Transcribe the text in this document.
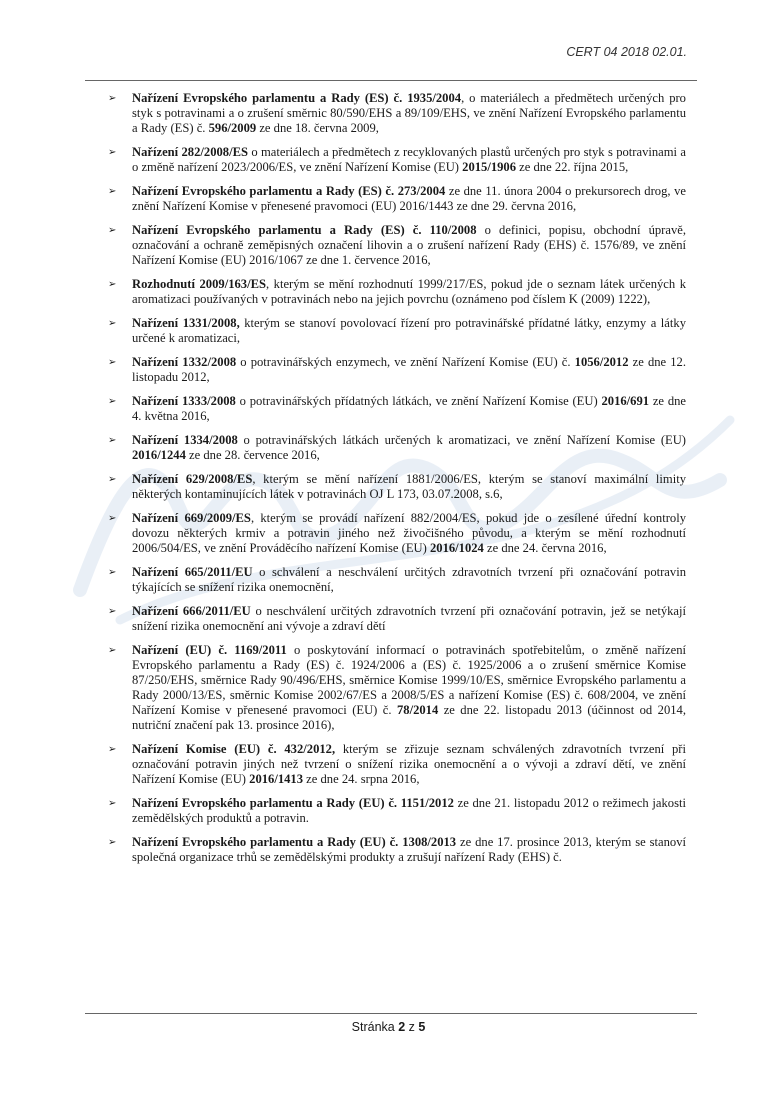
CERT 04 2018 02.01.
➢ Nařízení Evropského parlamentu a Rady (ES) č. 1935/2004, o materiálech a předmětech určených pro styk s potravinami a o zrušení směrnic 80/590/EHS a 89/109/EHS, ve znění Nařízení Evropského parlamentu a Rady (ES) č. 596/2009 ze dne 18. června 2009,
➢ Nařízení 282/2008/ES o materiálech a předmětech z recyklovaných plastů určených pro styk s potravinami a o změně nařízení 2023/2006/ES, ve znění Nařízení Komise (EU) 2015/1906 ze dne 22. října 2015,
➢ Nařízení Evropského parlamentu a Rady (ES) č. 273/2004 ze dne 11. února 2004 o prekursorech drog, ve znění Nařízení Komise v přenesené pravomoci (EU) 2016/1443 ze dne 29. června 2016,
➢ Nařízení Evropského parlamentu a Rady (ES) č. 110/2008 o definici, popisu, obchodní úpravě, označování a ochraně zeměpisných označení lihovin a o zrušení nařízení Rady (EHS) č. 1576/89, ve znění Nařízení Komise (EU) 2016/1067 ze dne 1. července 2016,
➢ Rozhodnutí 2009/163/ES, kterým se mění rozhodnutí 1999/217/ES, pokud jde o seznam látek určených k aromatizaci používaných v potravinách nebo na jejich povrchu (oznámeno pod číslem K (2009) 1222),
➢ Nařízení 1331/2008, kterým se stanoví povolovací řízení pro potravinářské přídatné látky, enzymy a látky určené k aromatizaci,
➢ Nařízení 1332/2008 o potravinářských enzymech, ve znění Nařízení Komise (EU) č. 1056/2012 ze dne 12. listopadu 2012,
➢ Nařízení 1333/2008 o potravinářských přídatných látkách, ve znění Nařízení Komise (EU) 2016/691 ze dne 4. května 2016,
➢ Nařízení 1334/2008 o potravinářských látkách určených k aromatizaci, ve znění Nařízení Komise (EU) 2016/1244 ze dne 28. července 2016,
➢ Nařízení 629/2008/ES, kterým se mění nařízení 1881/2006/ES, kterým se stanoví maximální limity některých kontaminujících látek v potravinách OJ L 173, 03.07.2008, s.6,
➢ Nařízení 669/2009/ES, kterým se provádí nařízení 882/2004/ES, pokud jde o zesílené úřední kontroly dovozu některých krmiv a potravin jiného než živočišného původu, a kterým se mění rozhodnutí 2006/504/ES, ve znění Prováděcího nařízení Komise (EU) 2016/1024 ze dne 24. června 2016,
➢ Nařízení 665/2011/EU o schválení a neschválení určitých zdravotních tvrzení při označování potravin týkajících se snížení rizika onemocnění,
➢ Nařízení 666/2011/EU o neschválení určitých zdravotních tvrzení při označování potravin, jež se netýkají snížení rizika onemocnění ani vývoje a zdraví dětí
➢ Nařízení (EU) č. 1169/2011 o poskytování informací o potravinách spotřebitelům, o změně nařízení Evropského parlamentu a Rady (ES) č. 1924/2006 a (ES) č. 1925/2006 a o zrušení směrnice Komise 87/250/EHS, směrnice Rady 90/496/EHS, směrnice Komise 1999/10/ES, směrnice Evropského parlamentu a Rady 2000/13/ES, směrnic Komise 2002/67/ES a 2008/5/ES a nařízení Komise (ES) č. 608/2004, ve znění Nařízení Komise v přenesené pravomoci (EU) č. 78/2014 ze dne 22. listopadu 2013 (účinnost od 2014, nutriční značení pak 13. prosince 2016),
➢ Nařízení Komise (EU) č. 432/2012, kterým se zřizuje seznam schválených zdravotních tvrzení při označování potravin jiných než tvrzení o snížení rizika onemocnění a o vývoji a zdraví dětí, ve znění Nařízení Komise (EU) 2016/1413 ze dne 24. srpna 2016,
➢ Nařízení Evropského parlamentu a Rady (EU) č. 1151/2012 ze dne 21. listopadu 2012 o režimech jakosti zemědělských produktů a potravin.
➢ Nařízení Evropského parlamentu a Rady (EU) č. 1308/2013 ze dne 17. prosince 2013, kterým se stanoví společná organizace trhů se zemědělskými produkty a zrušují nařízení Rady (EHS) č.
Stránka 2 z 5
